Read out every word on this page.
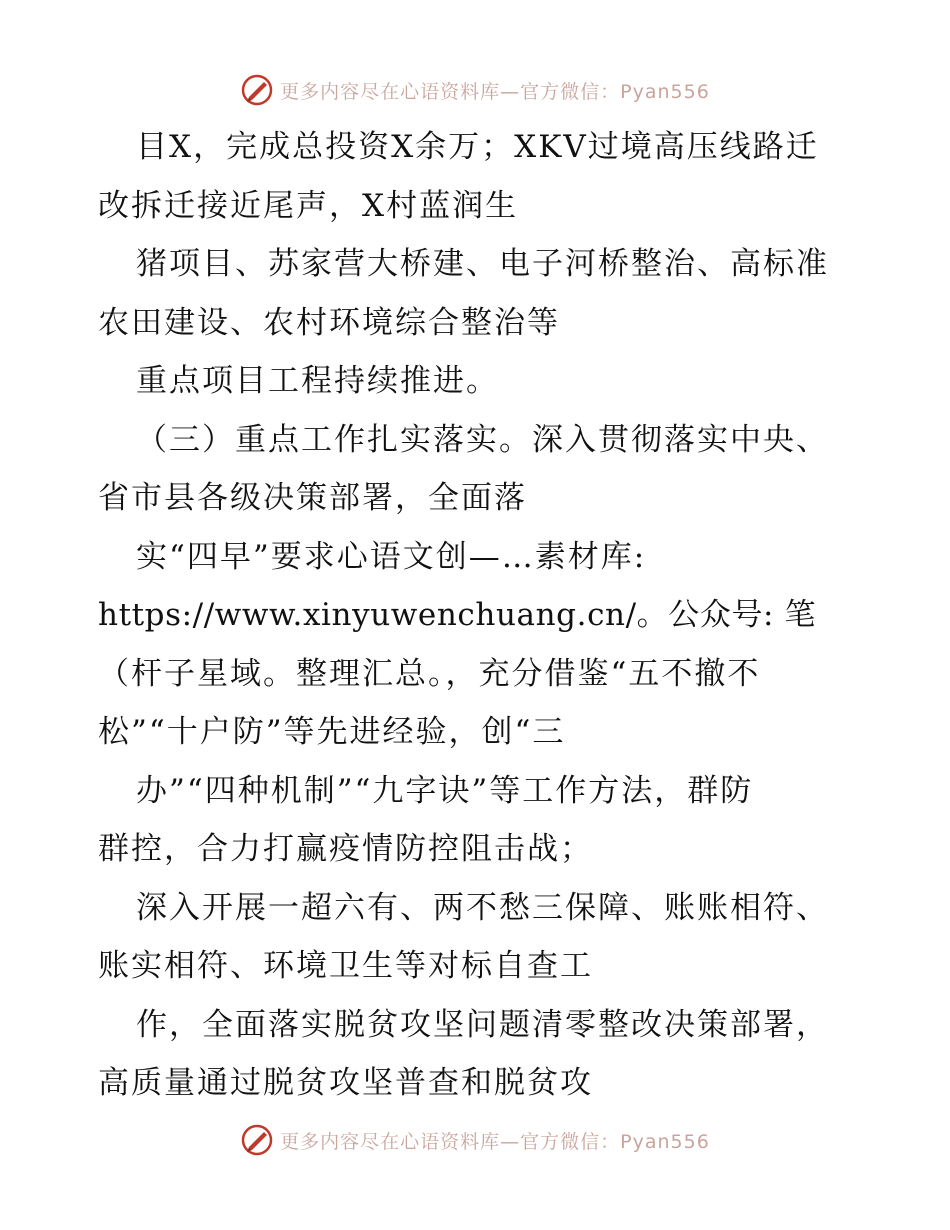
更多内容尽在心语资料库—官方微信：Pyan556
目X，完成总投资X余万；XKV过境高压线路迁
改拆迁接近尾声，X村蓝润生
猪项目、苏家营大桥建、电子河桥整治、高标准
农田建设、农村环境综合整治等
重点项目工程持续推进。
（三）重点工作扎实落实。深入贯彻落实中央、
省市县各级决策部署，全面落
实“四早”要求心语文创—…素材库:
https://www.xinyuwenchuang.cn/。公众号: 笔
（杆子星域。整理汇总。，充分借鉴“五不撤不
松”“十户防”等先进经验，创“三
办”“四种机制”“九字诀”等工作方法，群防
群控，合力打赢疫情防控阻击战；
深入开展一超六有、两不愁三保障、账账相符、
账实相符、环境卫生等对标自查工
作，全面落实脱贫攻坚问题清零整改决策部署，
高质量通过脱贫攻坚普查和脱贫攻
更多内容尽在心语资料库—官方微信：Pyan556
